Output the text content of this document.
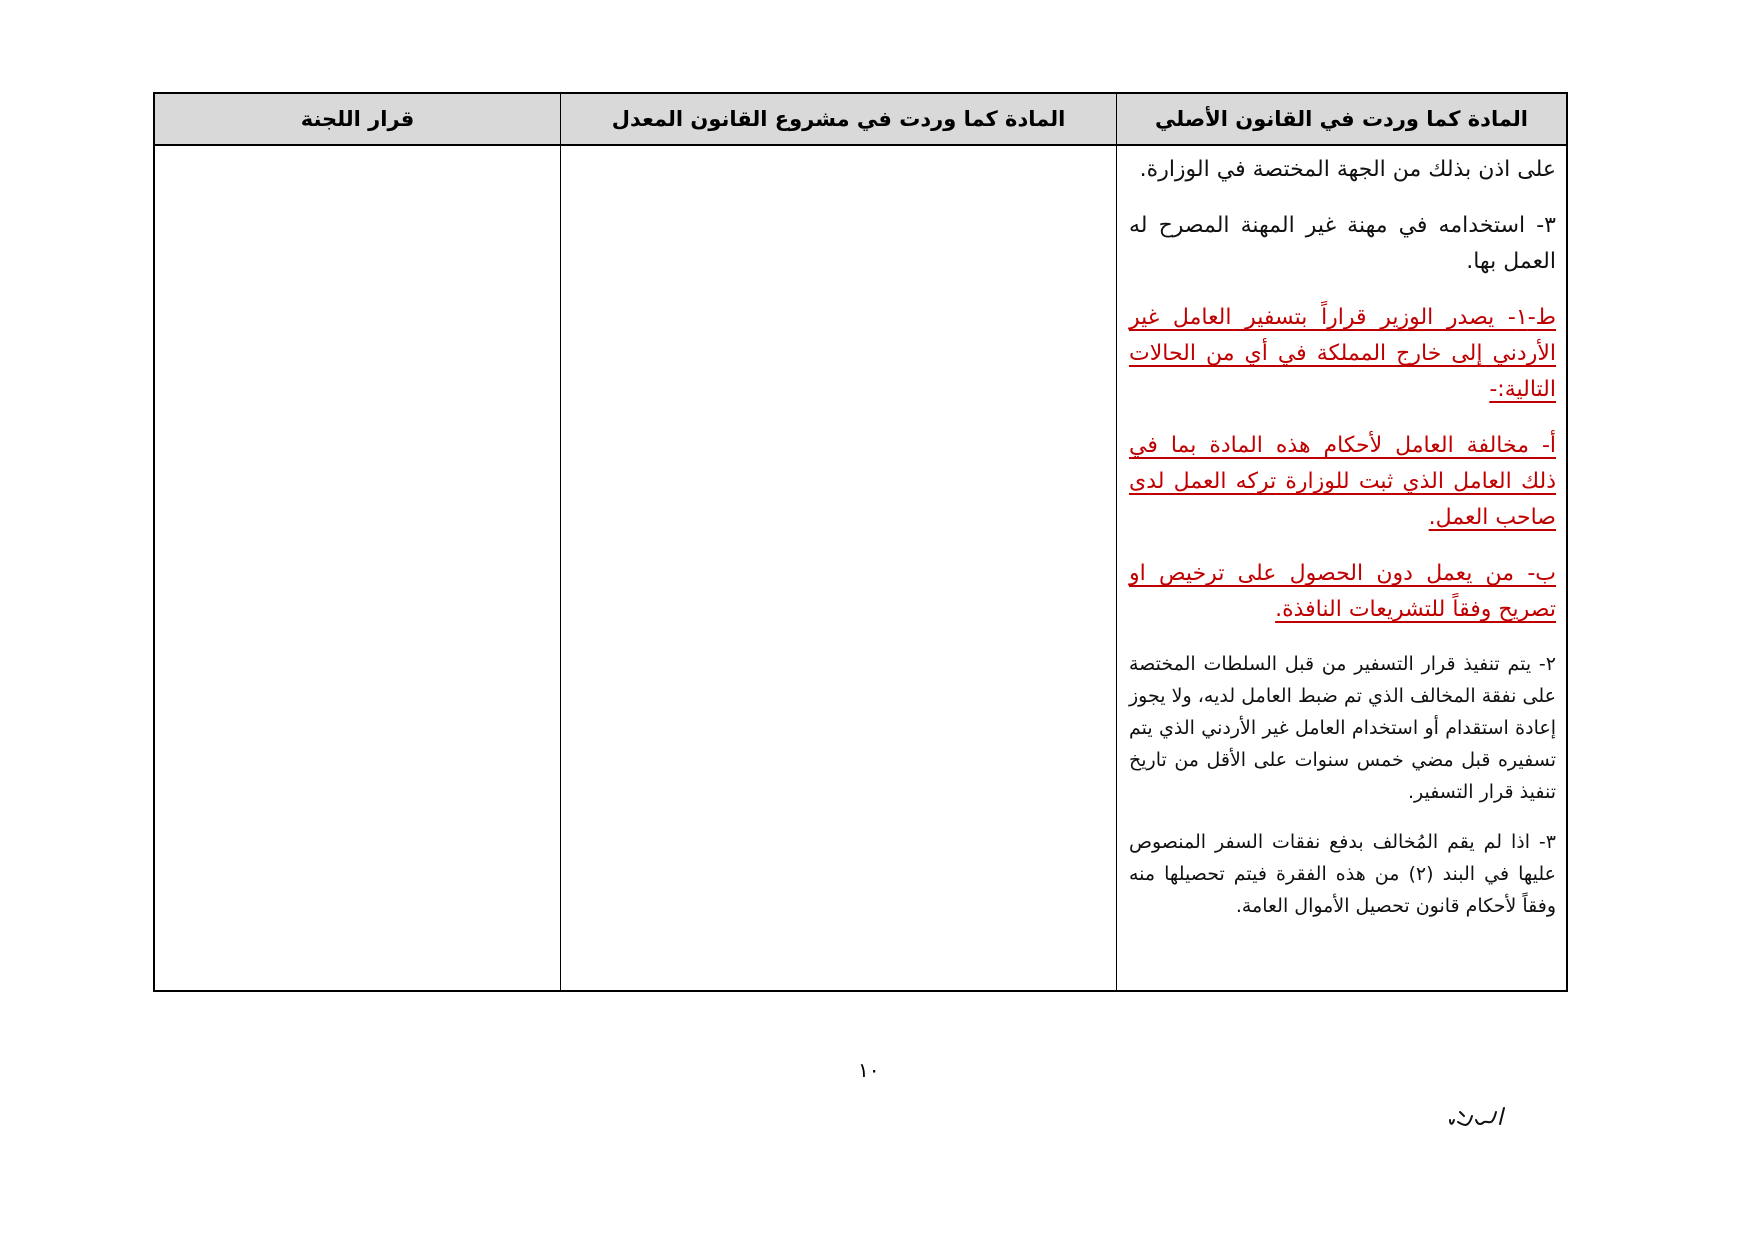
المادة كما وردت في القانون الأصلي
المادة كما وردت في مشروع القانون المعدل
قرار اللجنة

على اذن بذلك من الجهة المختصة في الوزارة.

٣- استخدامه في مهنة غير المهنة المصرح له العمل بها.

ط-١- يصدر الوزير قراراً بتسفير العامل غير الأردني إلى خارج المملكة في أي من الحالات التالية:-

أ- مخالفة العامل لأحكام هذه المادة بما في ذلك العامل الذي ثبت للوزارة تركه العمل لدى صاحب العمل.

ب- من يعمل دون الحصول على ترخيص او تصريح وفقاً للتشريعات النافذة.

٢- يتم تنفيذ قرار التسفير من قبل السلطات المختصة على نفقة المخالف الذي تم ضبط العامل لديه، ولا يجوز إعادة استقدام أو استخدام العامل غير الأردني الذي يتم تسفيره قبل مضي خمس سنوات على الأقل من تاريخ تنفيذ قرار التسفير.

٣- اذا لم يقم المُخالف بدفع نفقات السفر المنصوص عليها في البند (٢) من هذه الفقرة فيتم تحصيلها منه وفقاً لأحكام قانون تحصيل الأموال العامة.

١٠
